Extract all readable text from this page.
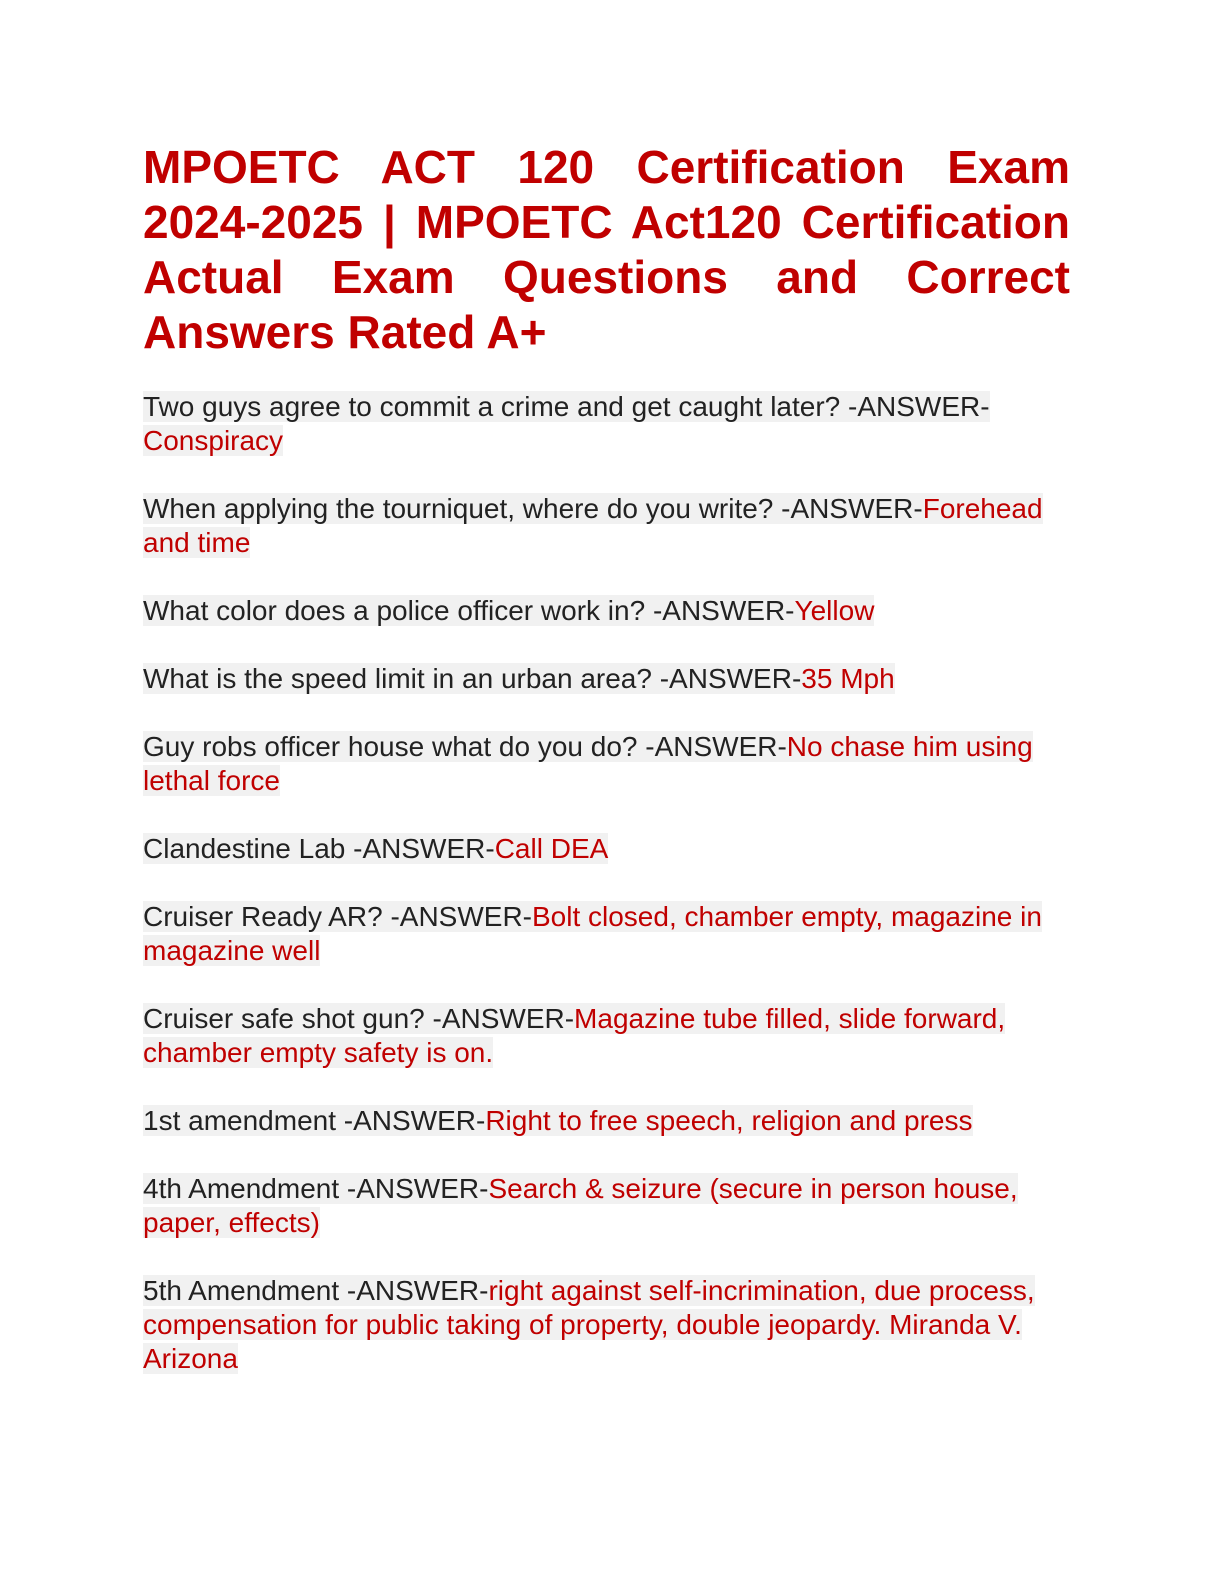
MPOETC ACT 120 Certification Exam 2024-2025 | MPOETC Act120 Certification Actual Exam Questions and Correct Answers Rated A+
Two guys agree to commit a crime and get caught later? -ANSWER-Conspiracy
When applying the tourniquet, where do you write? -ANSWER-Forehead and time
What color does a police officer work in? -ANSWER-Yellow
What is the speed limit in an urban area? -ANSWER-35 Mph
Guy robs officer house what do you do? -ANSWER-No chase him using lethal force
Clandestine Lab -ANSWER-Call DEA
Cruiser Ready AR? -ANSWER-Bolt closed, chamber empty, magazine in magazine well
Cruiser safe shot gun? -ANSWER-Magazine tube filled, slide forward, chamber empty safety is on.
1st amendment -ANSWER-Right to free speech, religion and press
4th Amendment -ANSWER-Search & seizure (secure in person house, paper, effects)
5th Amendment -ANSWER-right against self-incrimination, due process, compensation for public taking of property, double jeopardy. Miranda V. Arizona
